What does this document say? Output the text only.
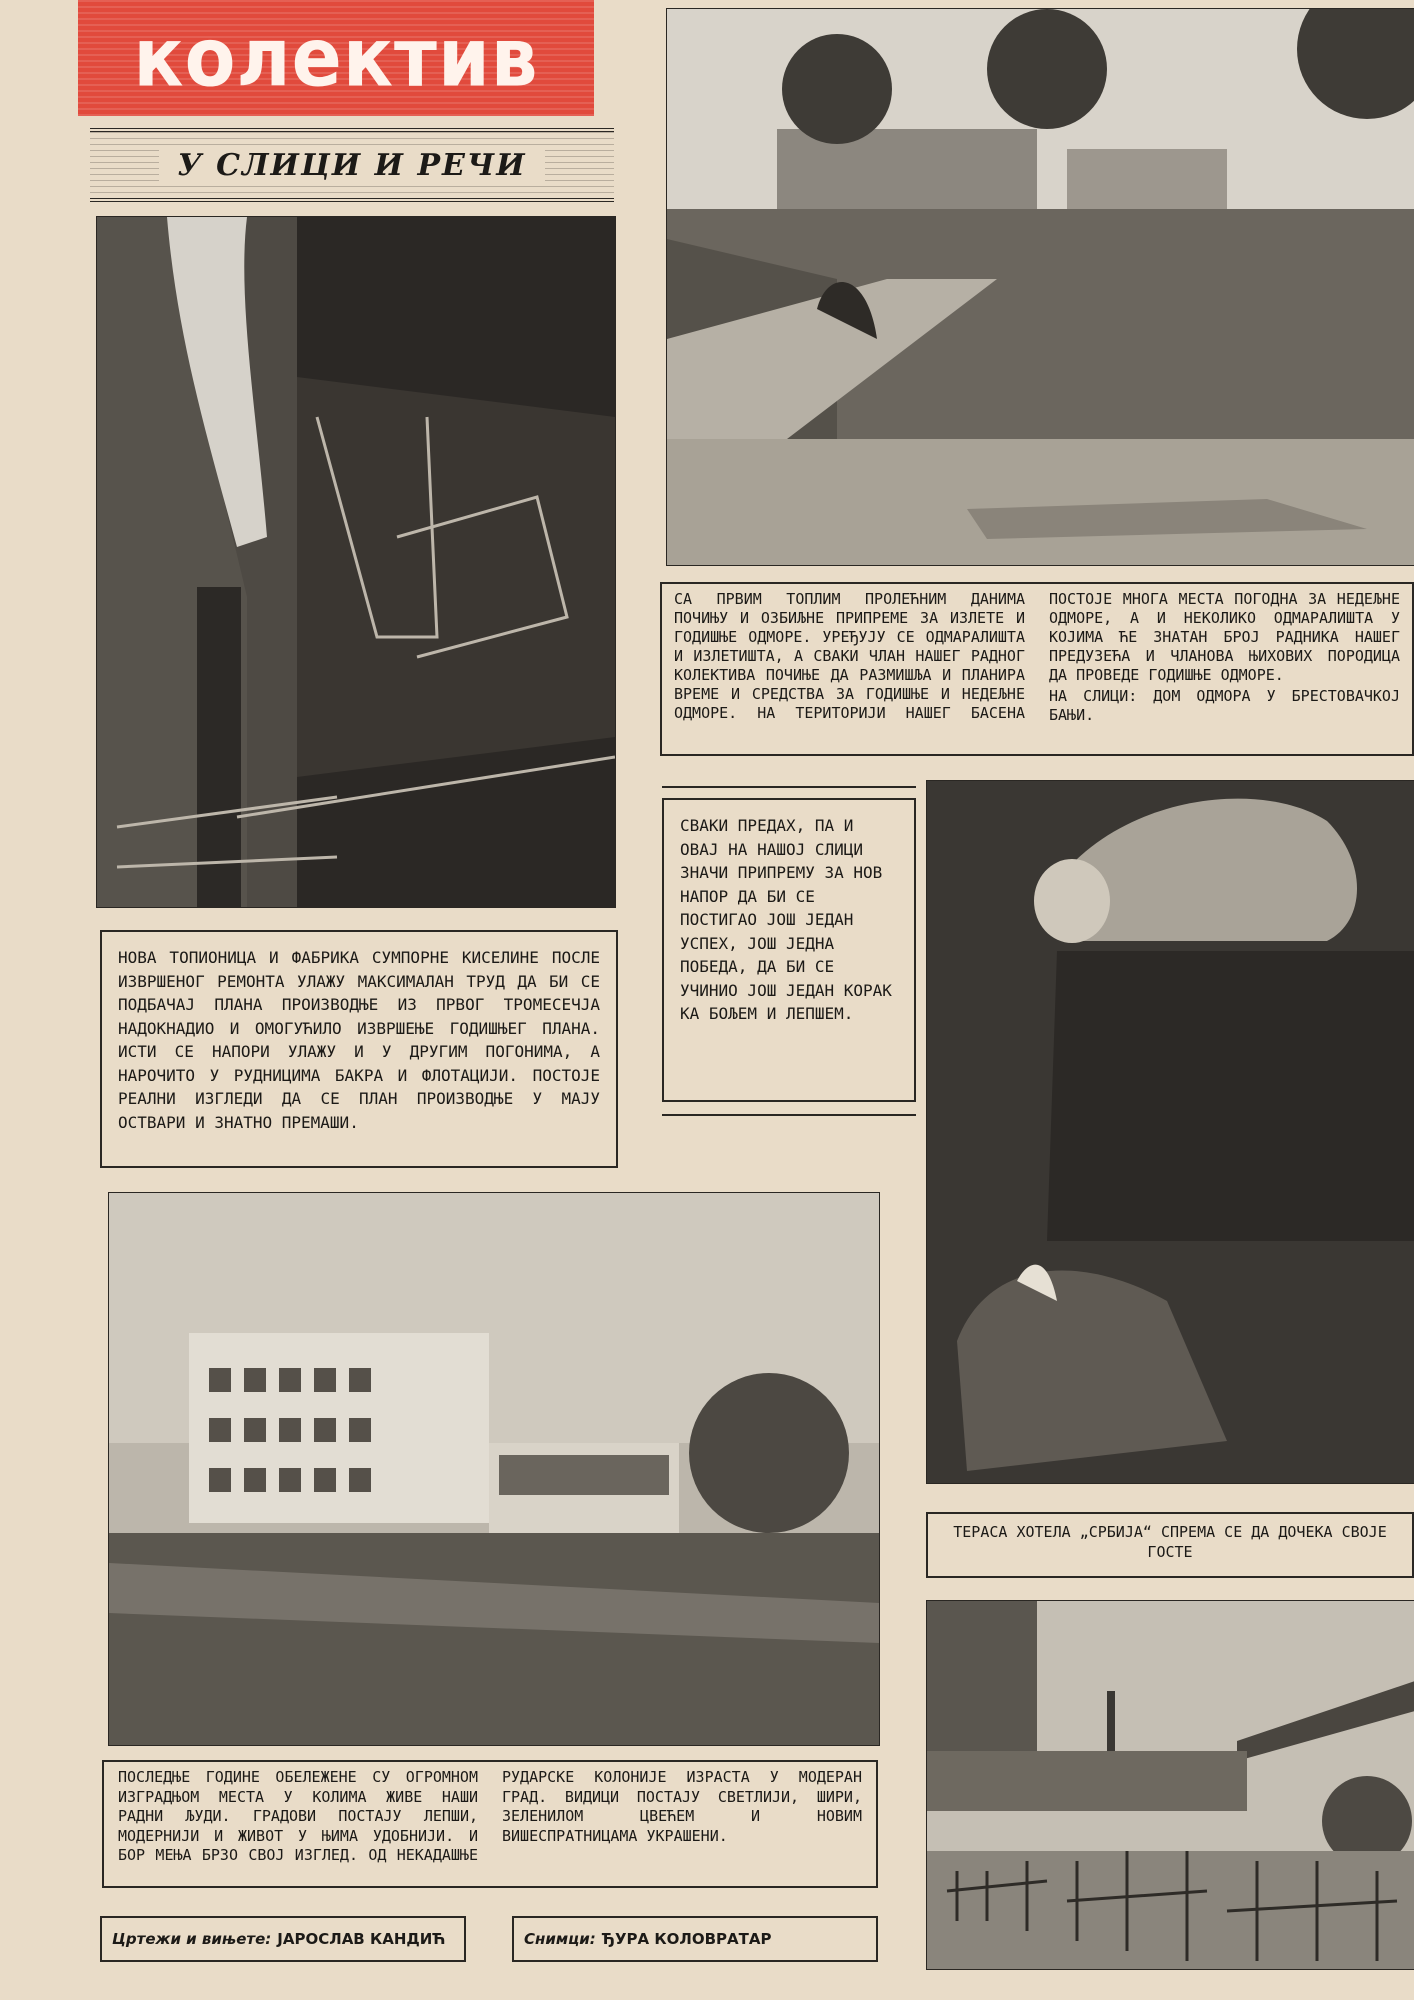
колектив
У СЛИЦИ И РЕЧИ
НОВА ТОПИОНИЦА И ФАБРИКА СУМПОРНЕ КИСЕЛИНЕ ПОСЛЕ ИЗВРШЕНОГ РЕМОНТА УЛАЖУ МАКСИМАЛАН ТРУД ДА БИ СЕ ПОДБАЧАЈ ПЛАНА ПРОИЗВОДЊЕ ИЗ ПРВОГ ТРОМЕСЕЧЈА НАДОКНАДИО И ОМОГУЋИЛО ИЗВРШЕЊЕ ГОДИШЊЕГ ПЛАНА. ИСТИ СЕ НАПОРИ УЛАЖУ И У ДРУГИМ ПОГОНИМА, А НАРОЧИТО У РУДНИЦИМА БАКРА И ФЛОТАЦИЈИ. ПОСТОЈЕ РЕАЛНИ ИЗГЛЕДИ ДА СЕ ПЛАН ПРОИЗВОДЊЕ У МАЈУ ОСТВАРИ И ЗНАТНО ПРЕМАШИ.
СА ПРВИМ ТОПЛИМ ПРОЛЕЋНИМ ДАНИМА ПОЧИЊУ И ОЗБИЉНЕ ПРИПРЕМЕ ЗА ИЗЛЕТЕ И ГОДИШЊЕ ОДМОРЕ. УРЕЂУЈУ СЕ ОДМАРАЛИШТА И ИЗЛЕТИШТА, А СВАКИ ЧЛАН НАШЕГ РАДНОГ КОЛЕКТИВА ПОЧИЊЕ ДА РАЗМИШЉА И ПЛАНИРА ВРЕМЕ И СРЕДСТВА ЗА ГОДИШЊЕ И НЕДЕЉНЕ ОДМОРЕ. НА ТЕРИТОРИЈИ НАШЕГ БАСЕНА ПОСТОЈЕ МНОГА МЕСТА ПОГОДНА ЗА НЕДЕЉНЕ ОДМОРЕ, А И НЕКОЛИКО ОДМАРАЛИШТА У КОЈИМА ЋЕ ЗНАТАН БРОЈ РАДНИКА НАШЕГ ПРЕДУЗЕЋА И ЧЛАНОВА ЊИХОВИХ ПОРОДИЦА ДА ПРОВЕДЕ ГОДИШЊЕ ОДМОРЕ.
НА СЛИЦИ: ДОМ ОДМОРА У БРЕСТОВАЧКОЈ БАЊИ.
СВАКИ ПРЕДАХ, ПА И ОВАЈ НА НАШОЈ СЛИЦИ ЗНАЧИ ПРИПРЕМУ ЗА НОВ НАПОР ДА БИ СЕ ПОСТИГАО ЈОШ ЈЕДАН УСПЕХ, ЈОШ ЈЕДНА ПОБЕДА, ДА БИ СЕ УЧИНИО ЈОШ ЈЕДАН КОРАК КА БОЉЕМ И ЛЕПШЕМ.
ТЕРАСА ХОТЕЛА „СРБИЈА“ СПРЕМА СЕ ДА ДОЧЕКА СВОЈЕ ГОСТЕ
ПОСЛЕДЊЕ ГОДИНЕ ОБЕЛЕЖЕНЕ СУ ОГРОМНОМ ИЗГРАДЊОМ МЕСТА У КОЛИМА ЖИВЕ НАШИ РАДНИ ЉУДИ. ГРАДОВИ ПОСТАЈУ ЛЕПШИ, МОДЕРНИЈИ И ЖИВОТ У ЊИМА УДОБНИЈИ. И БОР МЕЊА БРЗО СВОЈ ИЗГЛЕД. ОД НЕКАДАШЊЕ РУДАРСКЕ КОЛОНИЈЕ ИЗРАСТА У МОДЕРАН ГРАД. ВИДИЦИ ПОСТАЈУ СВЕТЛИЈИ, ШИРИ, ЗЕЛЕНИЛОМ ЦВЕЋЕМ И НОВИМ ВИШЕСПРАТНИЦАМА УКРАШЕНИ.
Цртежи и вињете: ЈАРОСЛАВ КАНДИЋ	Снимци: ЂУРА КОЛОВРАТАР
